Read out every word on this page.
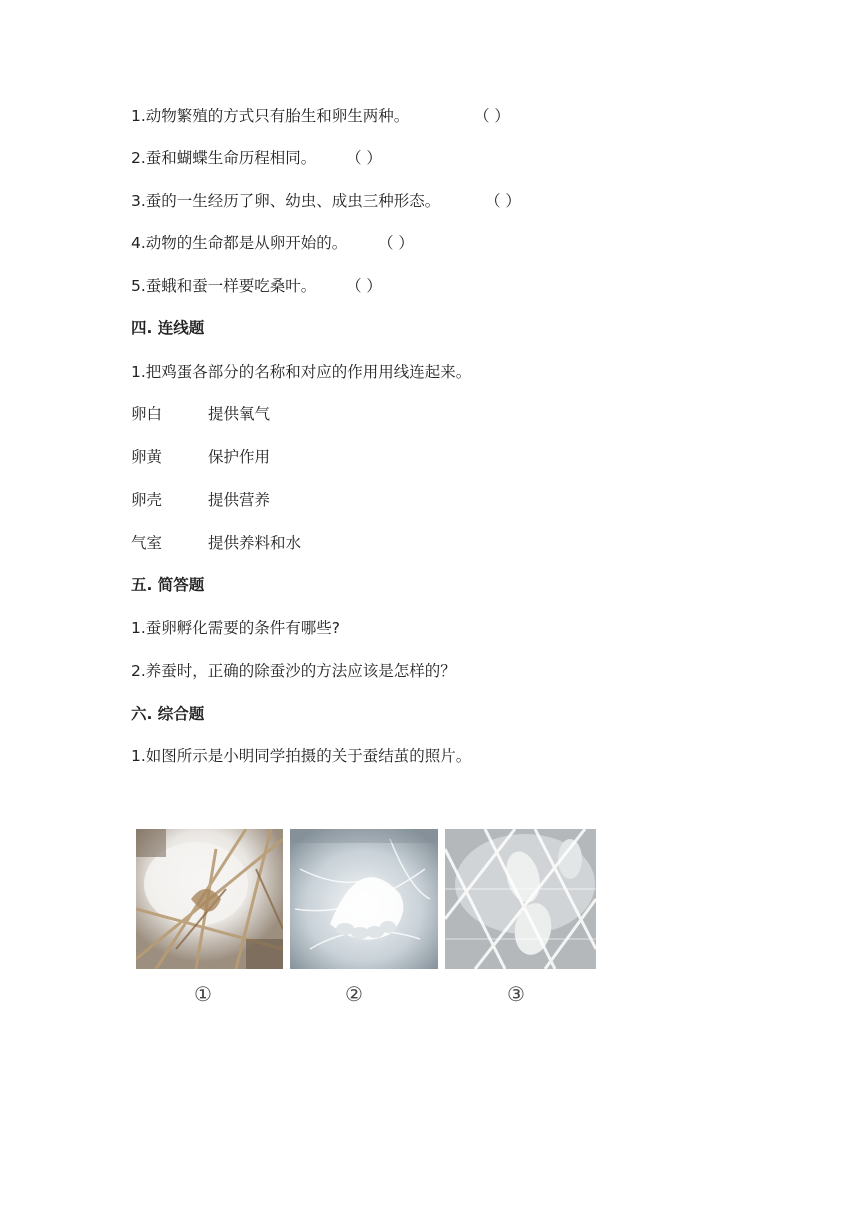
1.动物繁殖的方式只有胎生和卵生两种。	（ ）
2.蚕和蝴蝶生命历程相同。 （ ）
3.蚕的一生经历了卵、幼虫、成虫三种形态。	（ ）
4.动物的生命都是从卵开始的。 （ ）
5.蚕蛾和蚕一样要吃桑叶。 （ ）
四. 连线题
1.把鸡蛋各部分的名称和对应的作用用线连起来。
卵白	提供氧气
卵黄	保护作用
卵壳	提供营养
气室	提供养料和水
五. 简答题
1.蚕卵孵化需要的条件有哪些?
2.养蚕时，正确的除蚕沙的方法应该是怎样的？
六. 综合题
1.如图所示是小明同学拍摄的关于蚕结茧的照片。
①	②	③
